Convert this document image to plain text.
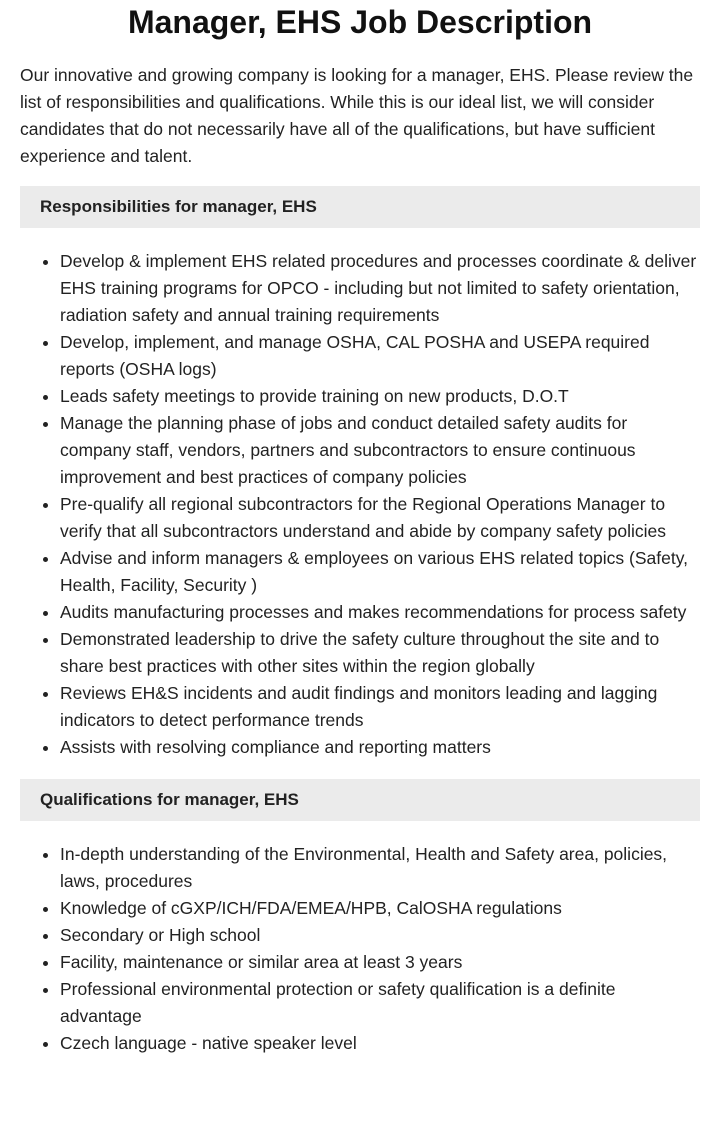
Manager, EHS Job Description

Our innovative and growing company is looking for a manager, EHS. Please review the list of responsibilities and qualifications. While this is our ideal list, we will consider candidates that do not necessarily have all of the qualifications, but have sufficient experience and talent.

Responsibilities for manager, EHS
• Develop & implement EHS related procedures and processes coordinate & deliver EHS training programs for OPCO - including but not limited to safety orientation, radiation safety and annual training requirements
• Develop, implement, and manage OSHA, CAL POSHA and USEPA required reports (OSHA logs)
• Leads safety meetings to provide training on new products, D.O.T
• Manage the planning phase of jobs and conduct detailed safety audits for company staff, vendors, partners and subcontractors to ensure continuous improvement and best practices of company policies
• Pre-qualify all regional subcontractors for the Regional Operations Manager to verify that all subcontractors understand and abide by company safety policies
• Advise and inform managers & employees on various EHS related topics (Safety, Health, Facility, Security )
• Audits manufacturing processes and makes recommendations for process safety
• Demonstrated leadership to drive the safety culture throughout the site and to share best practices with other sites within the region globally
• Reviews EH&S incidents and audit findings and monitors leading and lagging indicators to detect performance trends
• Assists with resolving compliance and reporting matters
Qualifications for manager, EHS
• In-depth understanding of the Environmental, Health and Safety area, policies, laws, procedures
• Knowledge of cGXP/ICH/FDA/EMEA/HPB, CalOSHA regulations
• Secondary or High school
• Facility, maintenance or similar area at least 3 years
• Professional environmental protection or safety qualification is a definite advantage
• Czech language - native speaker level
